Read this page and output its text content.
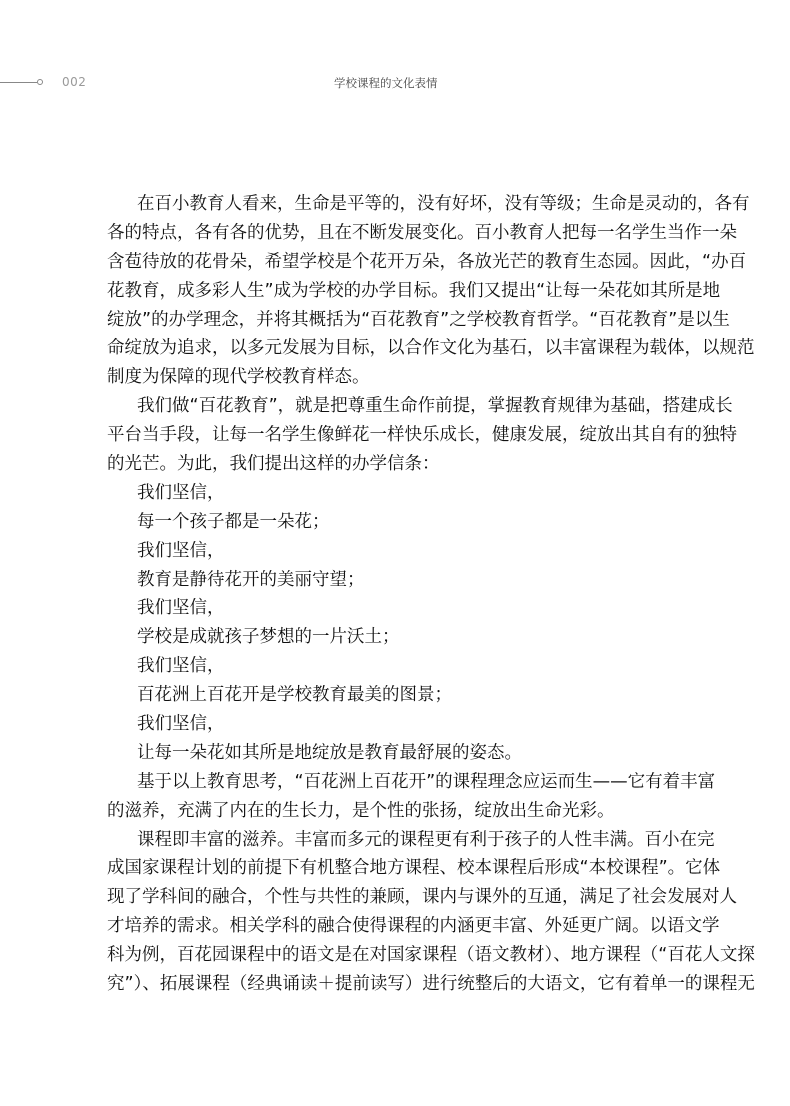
002	学校课程的文化表情
在百小教育人看来，生命是平等的，没有好坏，没有等级；生命是灵动的，各有
各的特点，各有各的优势，且在不断发展变化。百小教育人把每一名学生当作一朵
含苞待放的花骨朵，希望学校是个花开万朵，各放光芒的教育生态园。因此，“办百
花教育，成多彩人生”成为学校的办学目标。我们又提出“让每一朵花如其所是地
绽放”的办学理念，并将其概括为“百花教育”之学校教育哲学。“百花教育”是以生
命绽放为追求，以多元发展为目标，以合作文化为基石，以丰富课程为载体，以规范
制度为保障的现代学校教育样态。
我们做“百花教育”，就是把尊重生命作前提，掌握教育规律为基础，搭建成长
平台当手段，让每一名学生像鲜花一样快乐成长，健康发展，绽放出其自有的独特
的光芒。为此，我们提出这样的办学信条：
我们坚信，
每一个孩子都是一朵花；
我们坚信，
教育是静待花开的美丽守望；
我们坚信，
学校是成就孩子梦想的一片沃土；
我们坚信，
百花洲上百花开是学校教育最美的图景；
我们坚信，
让每一朵花如其所是地绽放是教育最舒展的姿态。
基于以上教育思考，“百花洲上百花开”的课程理念应运而生——它有着丰富
的滋养，充满了内在的生长力，是个性的张扬，绽放出生命光彩。
课程即丰富的滋养。丰富而多元的课程更有利于孩子的人性丰满。百小在完
成国家课程计划的前提下有机整合地方课程、校本课程后形成“本校课程”。它体
现了学科间的融合，个性与共性的兼顾，课内与课外的互通，满足了社会发展对人
才培养的需求。相关学科的融合使得课程的内涵更丰富、外延更广阔。以语文学
科为例，百花园课程中的语文是在对国家课程（语文教材）、地方课程（“百花人文探
究”）、拓展课程（经典诵读＋提前读写）进行统整后的大语文，它有着单一的课程无
